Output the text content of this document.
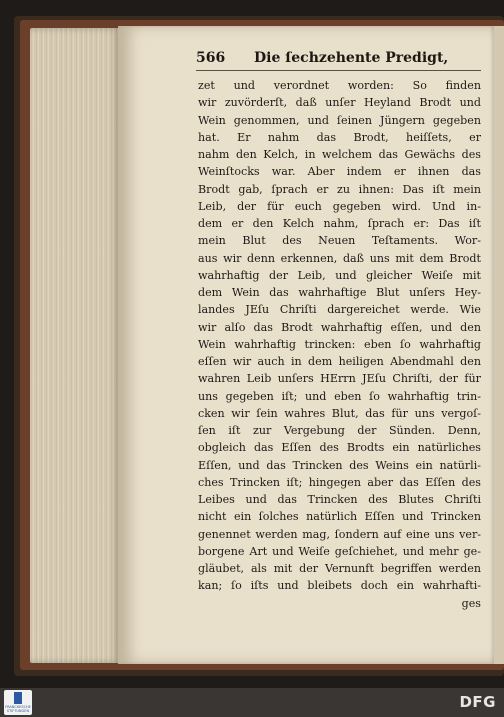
566 Die ſechzehente Predigt,
zet und verordnet worden: So finden
wir zuvörderſt, daß unſer Heyland Brodt und
Wein genommen, und ſeinen Jüngern gegeben
hat. Er nahm das Brodt, heiſſets, er
nahm den Kelch, in welchem das Gewächs des
Weinſtocks war. Aber indem er ihnen das
Brodt gab, ſprach er zu ihnen: Das iſt mein
Leib, der für euch gegeben wird. Und in-
dem er den Kelch nahm, ſprach er: Das iſt
mein Blut des Neuen Teſtaments. Wor-
aus wir denn erkennen, daß uns mit dem Brodt
wahrhaftig der Leib, und gleicher Weiſe mit
dem Wein das wahrhaftige Blut unſers Hey-
landes JEſu Chriſti dargereichet werde. Wie
wir alſo das Brodt wahrhaftig eſſen, und den
Wein wahrhaftig trincken: eben ſo wahrhaftig
eſſen wir auch in dem heiligen Abendmahl den
wahren Leib unſers HErrn JEſu Chriſti, der für
uns gegeben iſt; und eben ſo wahrhaftig trin-
cken wir ſein wahres Blut, das für uns vergoſ-
ſen iſt zur Vergebung der Sünden. Denn,
obgleich das Eſſen des Brodts ein natürliches
Eſſen, und das Trincken des Weins ein natürli-
ches Trincken iſt; hingegen aber das Eſſen des
Leibes und das Trincken des Blutes Chriſti
nicht ein ſolches natürlich Eſſen und Trincken
genennet werden mag, ſondern auf eine uns ver-
borgene Art und Weiſe geſchiehet, und mehr ge-
gläubet, als mit der Vernunft begriffen werden
kan; ſo iſts und bleibets doch ein wahrhafti-
ges
FRANCKESCHE STIFTUNGEN	DFG
